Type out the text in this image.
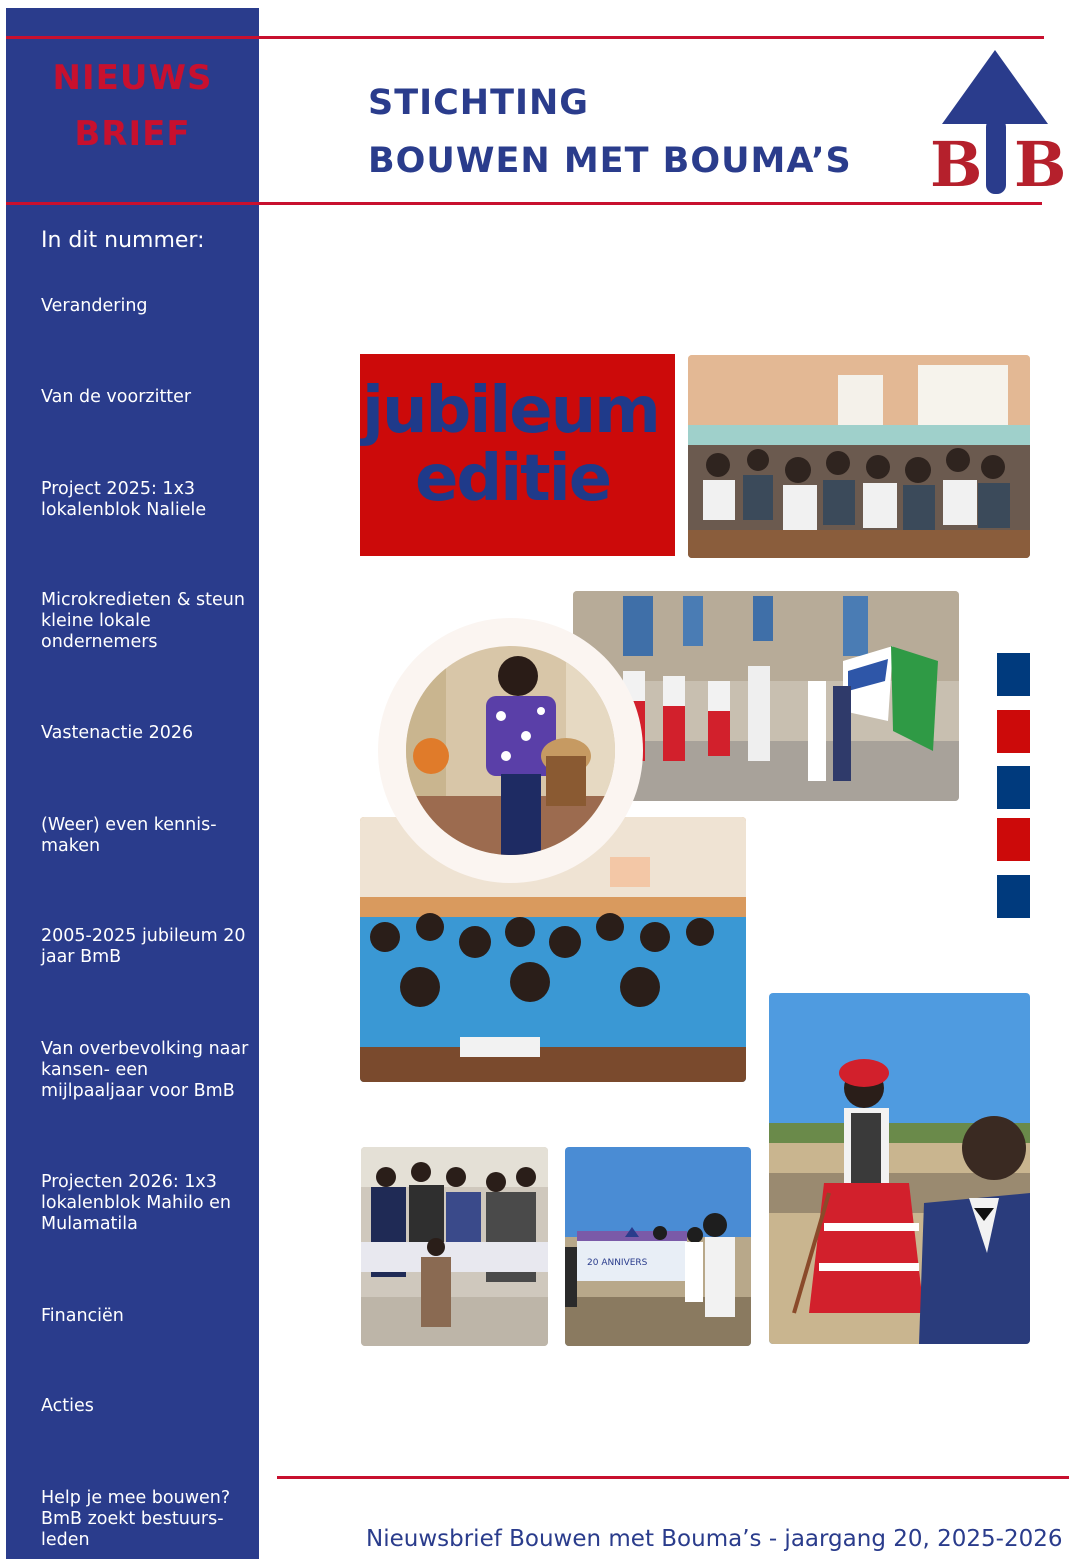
NIEUWS
BRIEF
In dit nummer:
Verandering
Van de voorzitter
Project 2025: 1x3 lokalenblok Naliele
Microkredieten & steun kleine lokale ondernemers
Vastenactie 2026
(Weer) even kennis-maken
2005-2025 jubileum 20 jaar BmB
Van overbevolking naar kansen- een mijlpaaljaar voor BmB
Projecten 2026: 1x3 lokalenblok Mahilo en Mulamatila
Financiën
Acties
Help je mee bouwen? BmB zoekt bestuurs-leden
STICHTING
BOUWEN MET BOUMA’S B B
jubileum
editie
20 ANNIVERS
Nieuwsbrief Bouwen met Bouma’s - jaargang 20, 2025-2026
